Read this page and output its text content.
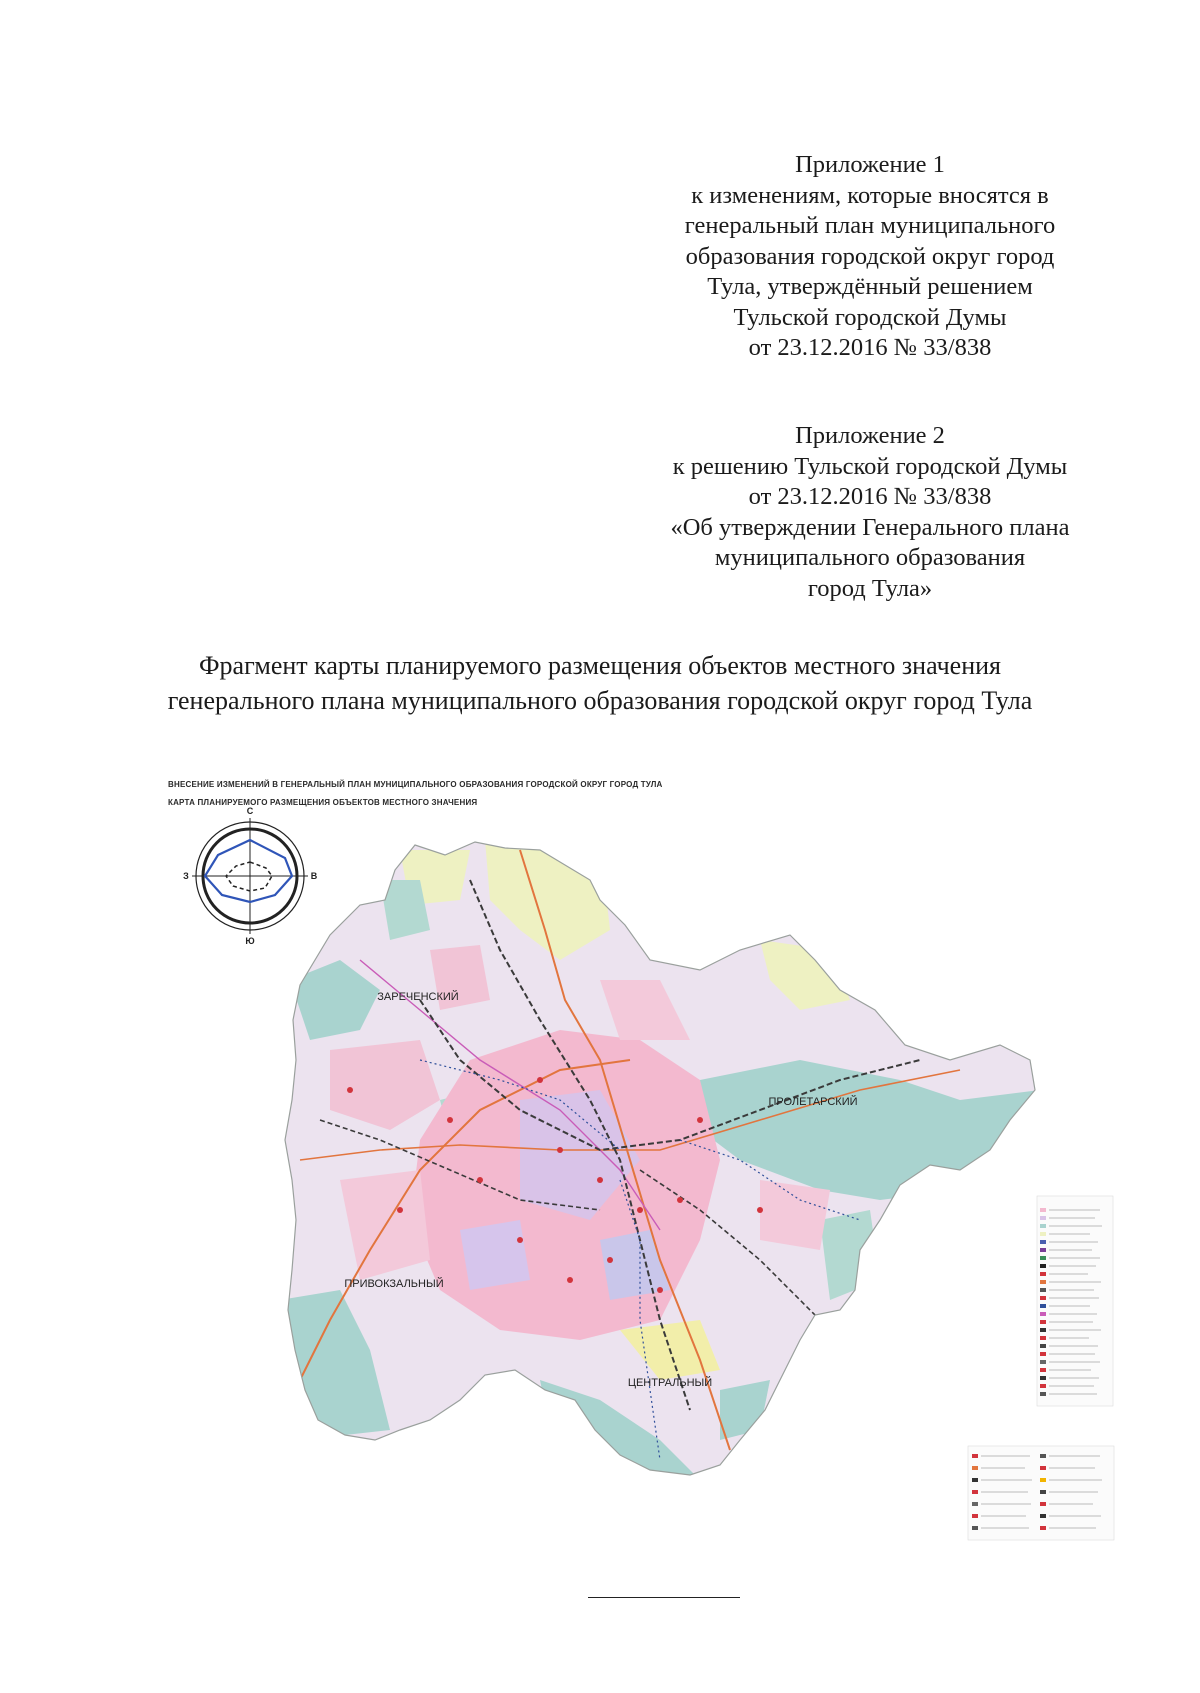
Приложение 1
к изменениям, которые вносятся в
генеральный план муниципального
образования городской округ город
Тула, утверждённый решением
Тульской городской Думы
от 23.12.2016 № 33/838
Приложение 2
к решению Тульской городской Думы
от 23.12.2016 № 33/838
«Об утверждении Генерального плана
муниципального образования
город Тула»
Фрагмент карты планируемого размещения объектов местного значения
генерального плана муниципального образования городской округ город Тула
ВНЕСЕНИЕ ИЗМЕНЕНИЙ В ГЕНЕРАЛЬНЫЙ ПЛАН МУНИЦИПАЛЬНОГО ОБРАЗОВАНИЯ ГОРОДСКОЙ ОКРУГ ГОРОД ТУЛА
КАРТА ПЛАНИРУЕМОГО РАЗМЕЩЕНИЯ ОБЪЕКТОВ МЕСТНОГО ЗНАЧЕНИЯ
С
Ю
З	В
ЗАРЕЧЕНСКИЙ
ПРОЛЕТАРСКИЙ
ПРИВОКЗАЛЬНЫЙ
ЦЕНТРАЛЬНЫЙ
